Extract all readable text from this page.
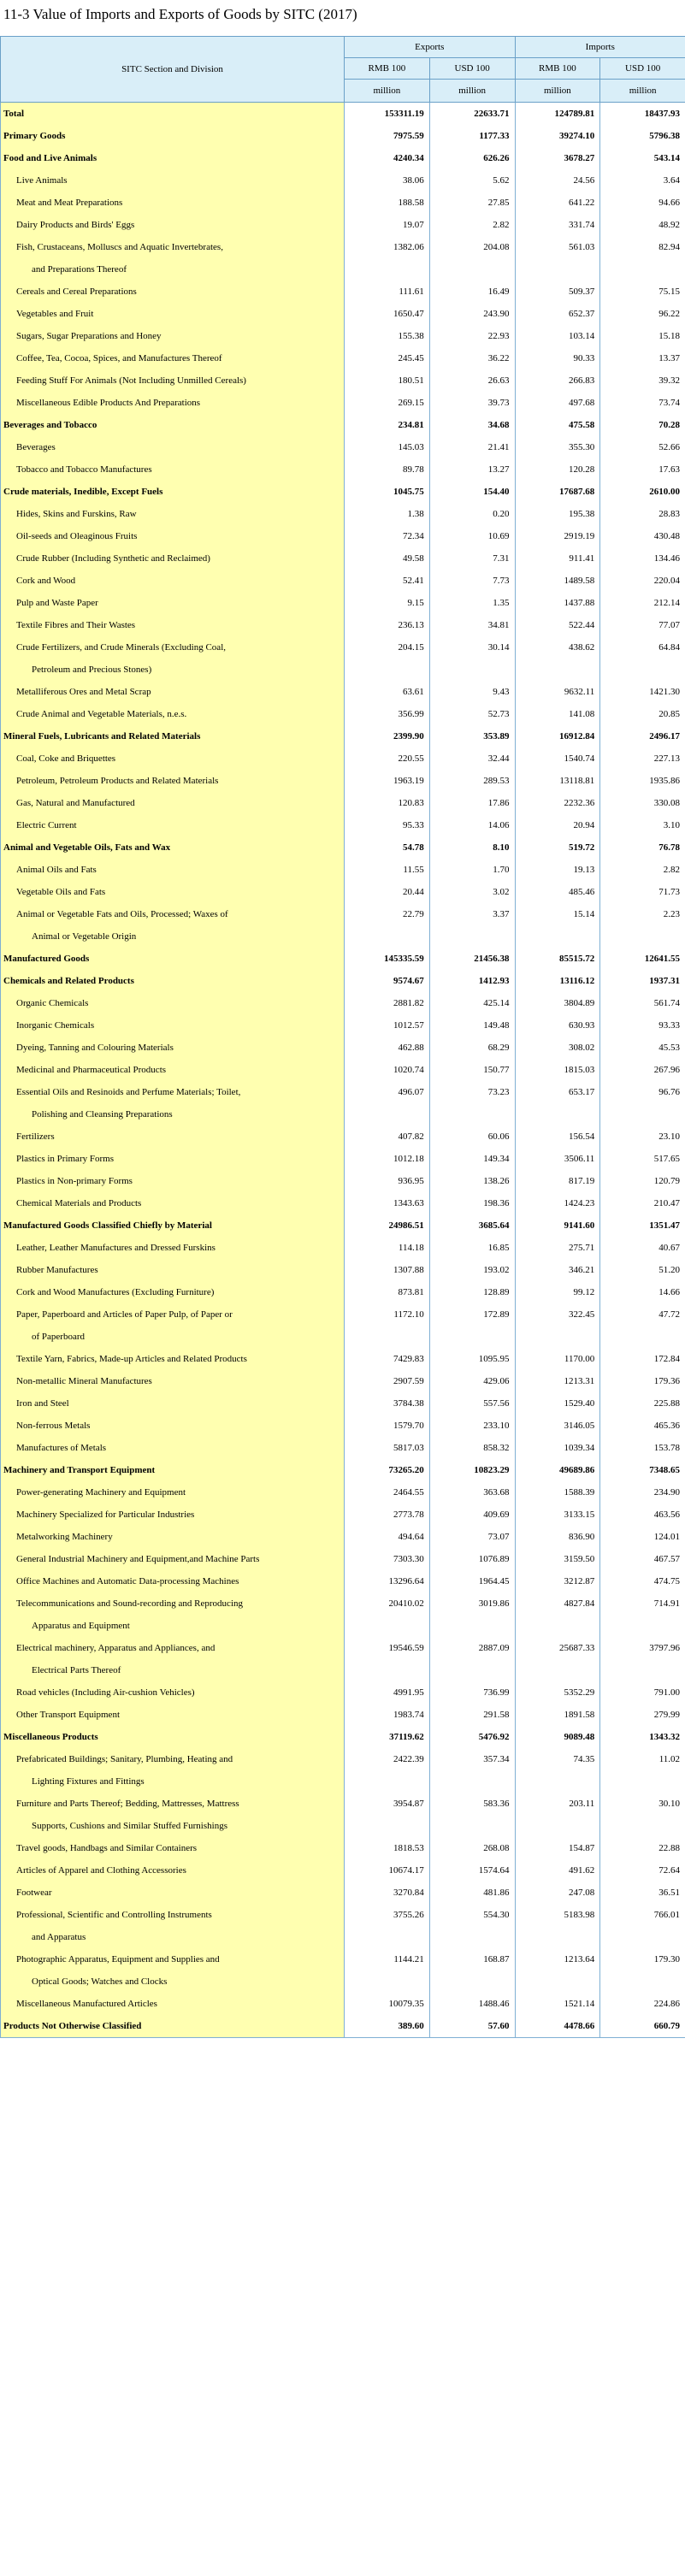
11-3 Value of Imports and Exports of Goods by SITC (2017)
SITC Section and Division	Exports		Imports	
	RMB 100	USD 100	RMB 100	USD 100
	million	million	million	million
Total	153311.19	22633.71	124789.81	18437.93
Primary Goods	7975.59	1177.33	39274.10	5796.38
Food and Live Animals	4240.34	626.26	3678.27	543.14
Live Animals	38.06	5.62	24.56	3.64
Meat and Meat Preparations	188.58	27.85	641.22	94.66
Dairy Products and Birds' Eggs	19.07	2.82	331.74	48.92
Fish, Crustaceans, Molluscs and Aquatic Invertebrates,	1382.06	204.08	561.03	82.94
and Preparations Thereof				
Cereals and Cereal Preparations	111.61	16.49	509.37	75.15
Vegetables and Fruit	1650.47	243.90	652.37	96.22
Sugars, Sugar Preparations and Honey	155.38	22.93	103.14	15.18
Coffee, Tea, Cocoa, Spices, and Manufactures Thereof	245.45	36.22	90.33	13.37
Feeding Stuff For Animals (Not Including Unmilled Cereals)	180.51	26.63	266.83	39.32
Miscellaneous Edible Products And Preparations	269.15	39.73	497.68	73.74
Beverages and Tobacco	234.81	34.68	475.58	70.28
Beverages	145.03	21.41	355.30	52.66
Tobacco and Tobacco Manufactures	89.78	13.27	120.28	17.63
Crude materials, Inedible, Except Fuels	1045.75	154.40	17687.68	2610.00
Hides, Skins and Furskins, Raw	1.38	0.20	195.38	28.83
Oil-seeds and Oleaginous Fruits	72.34	10.69	2919.19	430.48
Crude Rubber (Including Synthetic and Reclaimed)	49.58	7.31	911.41	134.46
Cork and Wood	52.41	7.73	1489.58	220.04
Pulp and Waste Paper	9.15	1.35	1437.88	212.14
Textile Fibres and Their Wastes	236.13	34.81	522.44	77.07
Crude Fertilizers, and Crude Minerals (Excluding Coal,	204.15	30.14	438.62	64.84
Petroleum and Precious Stones)				
Metalliferous Ores and Metal Scrap	63.61	9.43	9632.11	1421.30
Crude Animal and Vegetable Materials, n.e.s.	356.99	52.73	141.08	20.85
Mineral Fuels, Lubricants and Related Materials	2399.90	353.89	16912.84	2496.17
Coal, Coke and Briquettes	220.55	32.44	1540.74	227.13
Petroleum, Petroleum Products and Related Materials	1963.19	289.53	13118.81	1935.86
Gas, Natural and Manufactured	120.83	17.86	2232.36	330.08
Electric Current	95.33	14.06	20.94	3.10
Animal and Vegetable Oils, Fats and Wax	54.78	8.10	519.72	76.78
Animal Oils and Fats	11.55	1.70	19.13	2.82
Vegetable Oils and Fats	20.44	3.02	485.46	71.73
Animal or Vegetable Fats and Oils, Processed; Waxes of	22.79	3.37	15.14	2.23
Animal or Vegetable Origin				
Manufactured Goods	145335.59	21456.38	85515.72	12641.55
Chemicals and Related Products	9574.67	1412.93	13116.12	1937.31
Organic Chemicals	2881.82	425.14	3804.89	561.74
Inorganic Chemicals	1012.57	149.48	630.93	93.33
Dyeing, Tanning and Colouring Materials	462.88	68.29	308.02	45.53
Medicinal and Pharmaceutical Products	1020.74	150.77	1815.03	267.96
Essential Oils and Resinoids and Perfume Materials; Toilet,	496.07	73.23	653.17	96.76
Polishing and Cleansing Preparations				
Fertilizers	407.82	60.06	156.54	23.10
Plastics in Primary Forms	1012.18	149.34	3506.11	517.65
Plastics in Non-primary Forms	936.95	138.26	817.19	120.79
Chemical Materials and Products	1343.63	198.36	1424.23	210.47
Manufactured Goods Classified Chiefly by Material	24986.51	3685.64	9141.60	1351.47
Leather, Leather Manufactures and Dressed Furskins	114.18	16.85	275.71	40.67
Rubber Manufactures	1307.88	193.02	346.21	51.20
Cork and Wood Manufactures (Excluding Furniture)	873.81	128.89	99.12	14.66
Paper, Paperboard and Articles of Paper Pulp, of Paper or	1172.10	172.89	322.45	47.72
of Paperboard				
Textile Yarn, Fabrics, Made-up Articles and Related Products	7429.83	1095.95	1170.00	172.84
Non-metallic Mineral Manufactures	2907.59	429.06	1213.31	179.36
Iron and Steel	3784.38	557.56	1529.40	225.88
Non-ferrous Metals	1579.70	233.10	3146.05	465.36
Manufactures of Metals	5817.03	858.32	1039.34	153.78
Machinery and Transport Equipment	73265.20	10823.29	49689.86	7348.65
Power-generating Machinery and Equipment	2464.55	363.68	1588.39	234.90
Machinery Specialized for Particular Industries	2773.78	409.69	3133.15	463.56
Metalworking Machinery	494.64	73.07	836.90	124.01
General Industrial Machinery and Equipment,and Machine Parts	7303.30	1076.89	3159.50	467.57
Office Machines and Automatic Data-processing Machines	13296.64	1964.45	3212.87	474.75
Telecommunications and Sound-recording and Reproducing	20410.02	3019.86	4827.84	714.91
Apparatus and Equipment				
Electrical machinery, Apparatus and Appliances, and	19546.59	2887.09	25687.33	3797.96
Electrical Parts Thereof				
Road vehicles (Including Air-cushion Vehicles)	4991.95	736.99	5352.29	791.00
Other Transport Equipment	1983.74	291.58	1891.58	279.99
Miscellaneous Products	37119.62	5476.92	9089.48	1343.32
Prefabricated Buildings; Sanitary, Plumbing, Heating and	2422.39	357.34	74.35	11.02
Lighting Fixtures and Fittings				
Furniture and Parts Thereof; Bedding, Mattresses, Mattress	3954.87	583.36	203.11	30.10
Supports, Cushions and Similar Stuffed Furnishings				
Travel goods, Handbags and Similar Containers	1818.53	268.08	154.87	22.88
Articles of Apparel and Clothing Accessories	10674.17	1574.64	491.62	72.64
Footwear	3270.84	481.86	247.08	36.51
Professional, Scientific and Controlling Instruments	3755.26	554.30	5183.98	766.01
and Apparatus				
Photographic Apparatus, Equipment and Supplies and	1144.21	168.87	1213.64	179.30
Optical Goods; Watches and Clocks				
Miscellaneous Manufactured Articles	10079.35	1488.46	1521.14	224.86
Products Not Otherwise Classified	389.60	57.60	4478.66	660.79
